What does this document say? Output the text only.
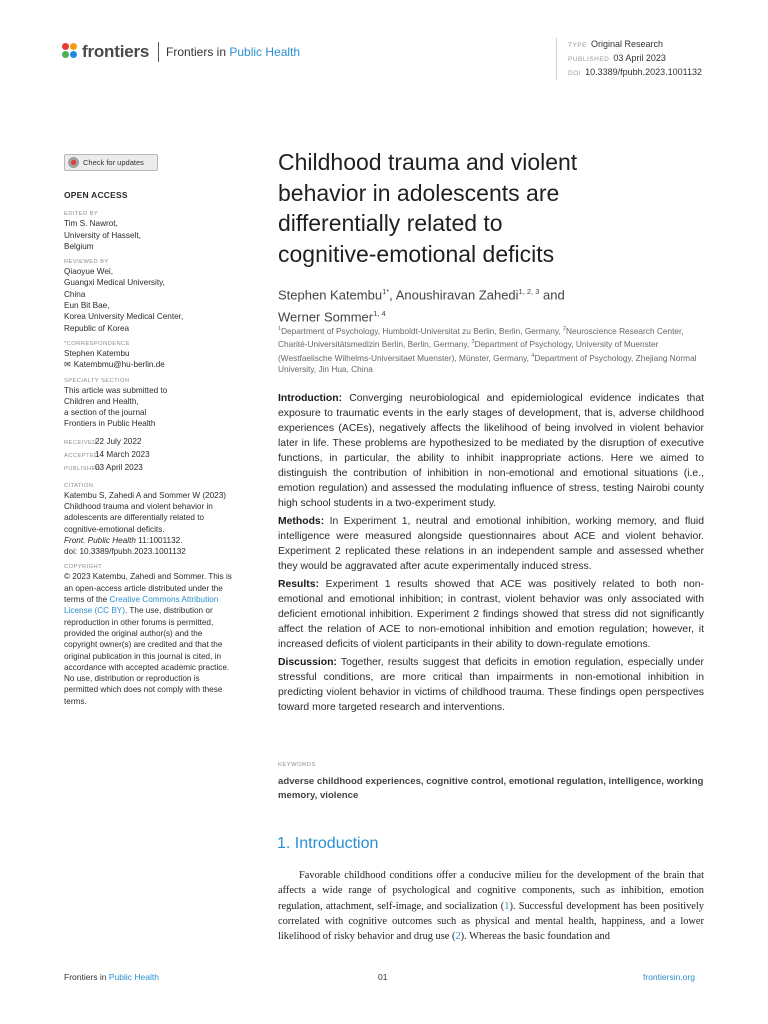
frontiers Frontiers in Public Health	TYPE Original Research
PUBLISHED 03 April 2023
DOI 10.3389/fpubh.2023.1001132
Check for updates
OPEN ACCESS
EDITED BY
Tim S. Nawrot,
University of Hasselt,
Belgium
REVIEWED BY
Qiaoyue Wei,
Guangxi Medical University,
China
Eun Bit Bae,
Korea University Medical Center,
Republic of Korea
*CORRESPONDENCE
Stephen Katembu
✉ Katembmu@hu-berlin.de
SPECIALTY SECTION
This article was submitted to
Children and Health,
a section of the journal
Frontiers in Public Health
RECEIVED22 July 2022
ACCEPTED14 March 2023
PUBLISHED03 April 2023
CITATION
Katembu S, Zahedi A and Sommer W (2023)
Childhood trauma and violent behavior in
adolescents are differentially related to
cognitive-emotional deficits.
Front. Public Health 11:1001132.
doi: 10.3389/fpubh.2023.1001132
COPYRIGHT
© 2023 Katembu, Zahedi and Sommer. This is
an open-access article distributed under the
terms of the Creative Commons Attribution
License (CC BY). The use, distribution or
reproduction in other forums is permitted,
provided the original author(s) and the
copyright owner(s) are credited and that the
original publication in this journal is cited, in
accordance with accepted academic practice.
No use, distribution or reproduction is
permitted which does not comply with these
terms.
Childhood trauma and violent
behavior in adolescents are
differentially related to
cognitive-emotional deficits
Stephen Katembu$^{1*}$, Anoushiravan Zahedi$^{1, 2, 3}$ and
Werner Sommer$^{1, 4}$
$^1$Department of Psychology, Humboldt-Universitat zu Berlin, Berlin, Germany, $^2$Neuroscience Research Center, Charité-Universitätsmedizin Berlin, Berlin, Germany, $^3$Department of Psychology, University of Muenster (Westfaelische Wilhelms-Universitaet Muenster), Münster, Germany, $^4$Department of Psychology, Zhejiang Normal University, Jin Hua, China

Introduction: Converging neurobiological and epidemiological evidence indicates that exposure to traumatic events in the early stages of development, that is, adverse childhood experiences (ACEs), negatively affects the likelihood of being involved in violent behavior later in life. These problems are hypothesized to be mediated by the disruption of executive functions, in particular, the ability to inhibit inappropriate actions. Here we aimed to distinguish the contribution of inhibition in non-emotional and emotional situations (i.e., emotion regulation) and assessed the modulating influence of stress, testing Nairobi county high school students in a two-experiment study.

Methods: In Experiment 1, neutral and emotional inhibition, working memory, and fluid intelligence were measured alongside questionnaires about ACE and violent behavior. Experiment 2 replicated these relations in an independent sample and assessed whether they would be aggravated after acute experimentally induced stress.

Results: Experiment 1 results showed that ACE was positively related to both non-emotional and emotional inhibition; in contrast, violent behavior was only associated with deficient emotional inhibition. Experiment 2 findings showed that stress did not significantly affect the relation of ACE to non-emotional inhibition and emotion regulation; however, it increased deficits of violent participants in their ability to down-regulate emotions.

Discussion: Together, results suggest that deficits in emotion regulation, especially under stressful conditions, are more critical than impairments in non-emotional inhibition in predicting violent behavior in victims of childhood trauma. These findings open perspectives toward more targeted research and interventions.

KEYWORDS
adverse childhood experiences, cognitive control, emotional regulation, intelligence, working memory, violence
1. Introduction

Favorable childhood conditions offer a conducive milieu for the development of the brain that affects a wide range of psychological and cognitive components, such as inhibition, emotion regulation, attachment, self-image, and socialization (1). Successful development has been positively correlated with cognitive outcomes such as physical and mental health, happiness, and a lower likelihood of risky behavior and drug use (2). Whereas the basic foundation and

Frontiers in Public Health	01	frontiersin.org
